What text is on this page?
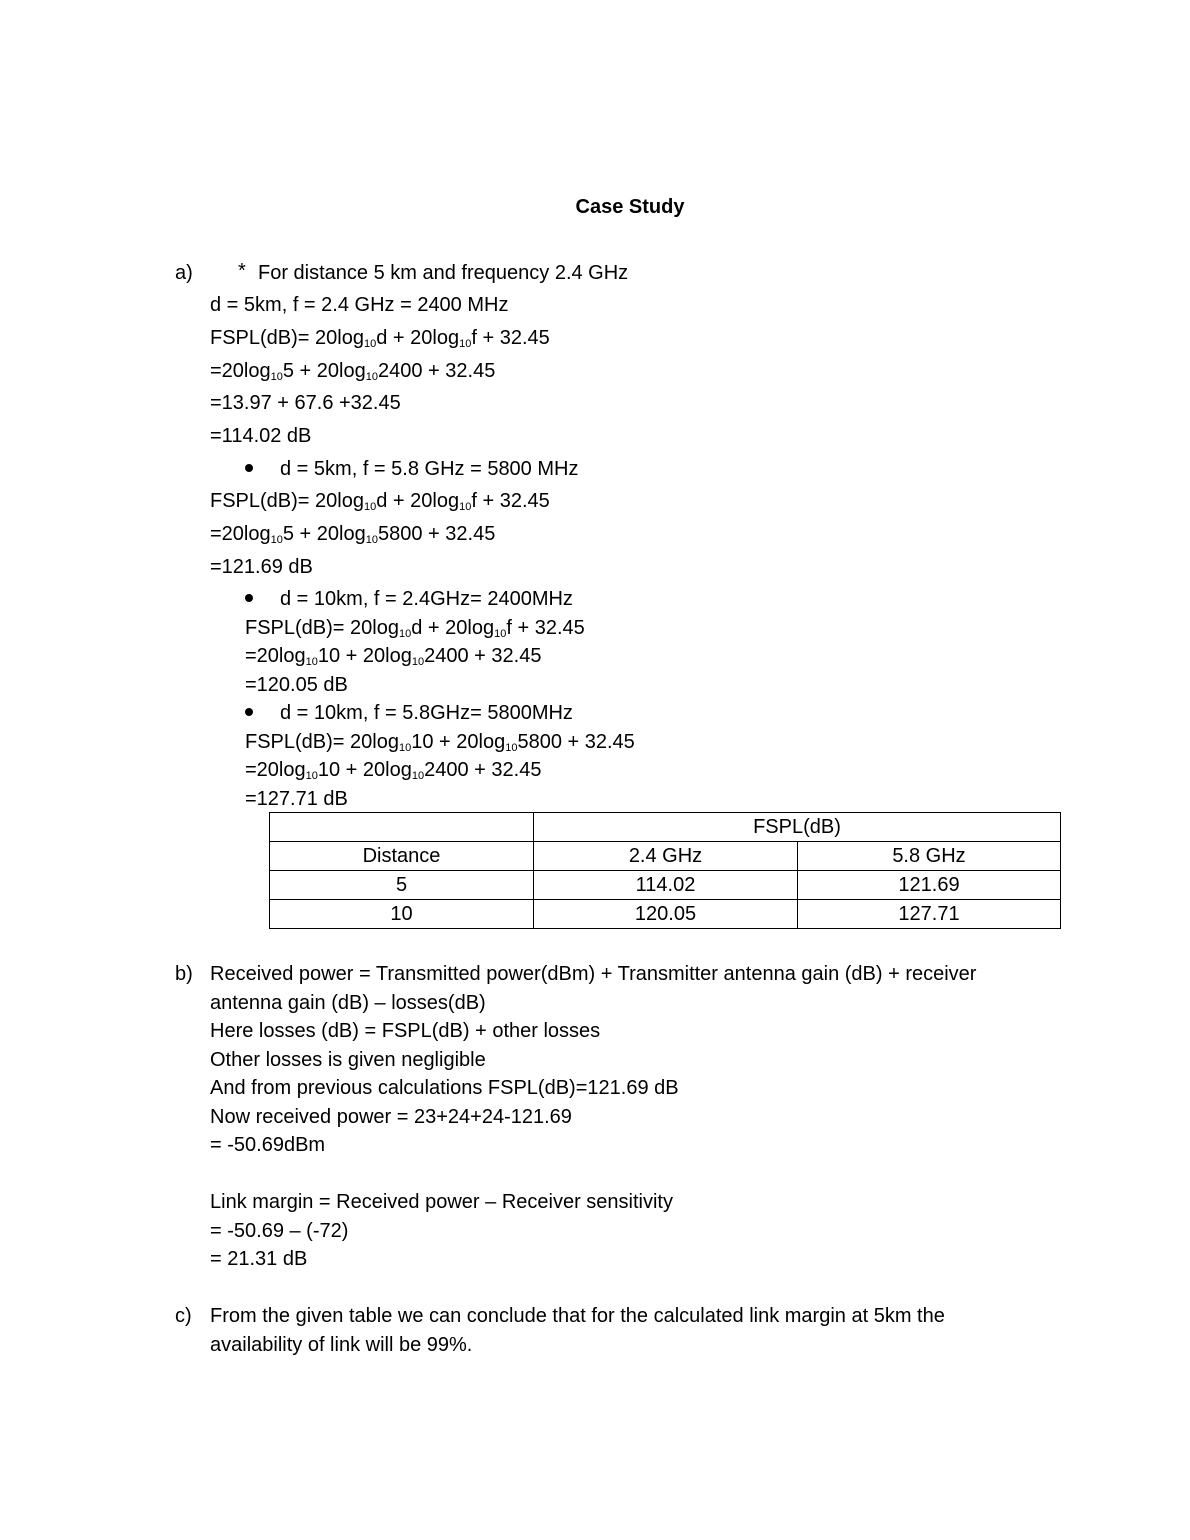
Case Study
a) * For distance 5 km and frequency 2.4 GHz
d = 5km, f = 2.4 GHz = 2400 MHz
FSPL(dB)= $20\log_{10}d + 20\log_{10}f + 32.45$
$=20\log_{10}5 + 20\log_{10}2400 + 32.45$
=13.97 + 67.6 +32.45
=114.02 dB
d = 5km, f = 5.8 GHz = 5800 MHz
FSPL(dB)= $20\log_{10}d + 20\log_{10}f + 32.45$
$=20\log_{10}5 + 20\log_{10}5800 + 32.45$
=121.69 dB
d = 10km, f = 2.4GHz= 2400MHz
FSPL(dB)= $20\log_{10}d + 20\log_{10}f + 32.45$
$=20\log_{10}10 + 20\log_{10}2400 + 32.45$
=120.05 dB
d = 10km, f = 5.8GHz= 5800MHz
FSPL(dB)= $20\log_{10}10 + 20\log_{10}5800 + 32.45$
$=20\log_{10}10 + 20\log_{10}2400 + 32.45$
=127.71 dB
	FSPL(dB)	
Distance	2.4 GHz	5.8 GHz
5	114.02	121.69
10	120.05	127.71
b) Received power = Transmitted power(dBm) + Transmitter antenna gain (dB) + receiver
antenna gain (dB) – losses(dB)
Here losses (dB) = FSPL(dB) + other losses
Other losses is given negligible
And from previous calculations FSPL(dB)=121.69 dB
Now received power = 23+24+24-121.69
= -50.69dBm
Link margin = Received power – Receiver sensitivity
= -50.69 – (-72)
= 21.31 dB
c) From the given table we can conclude that for the calculated link margin at 5km the
availability of link will be 99%.
